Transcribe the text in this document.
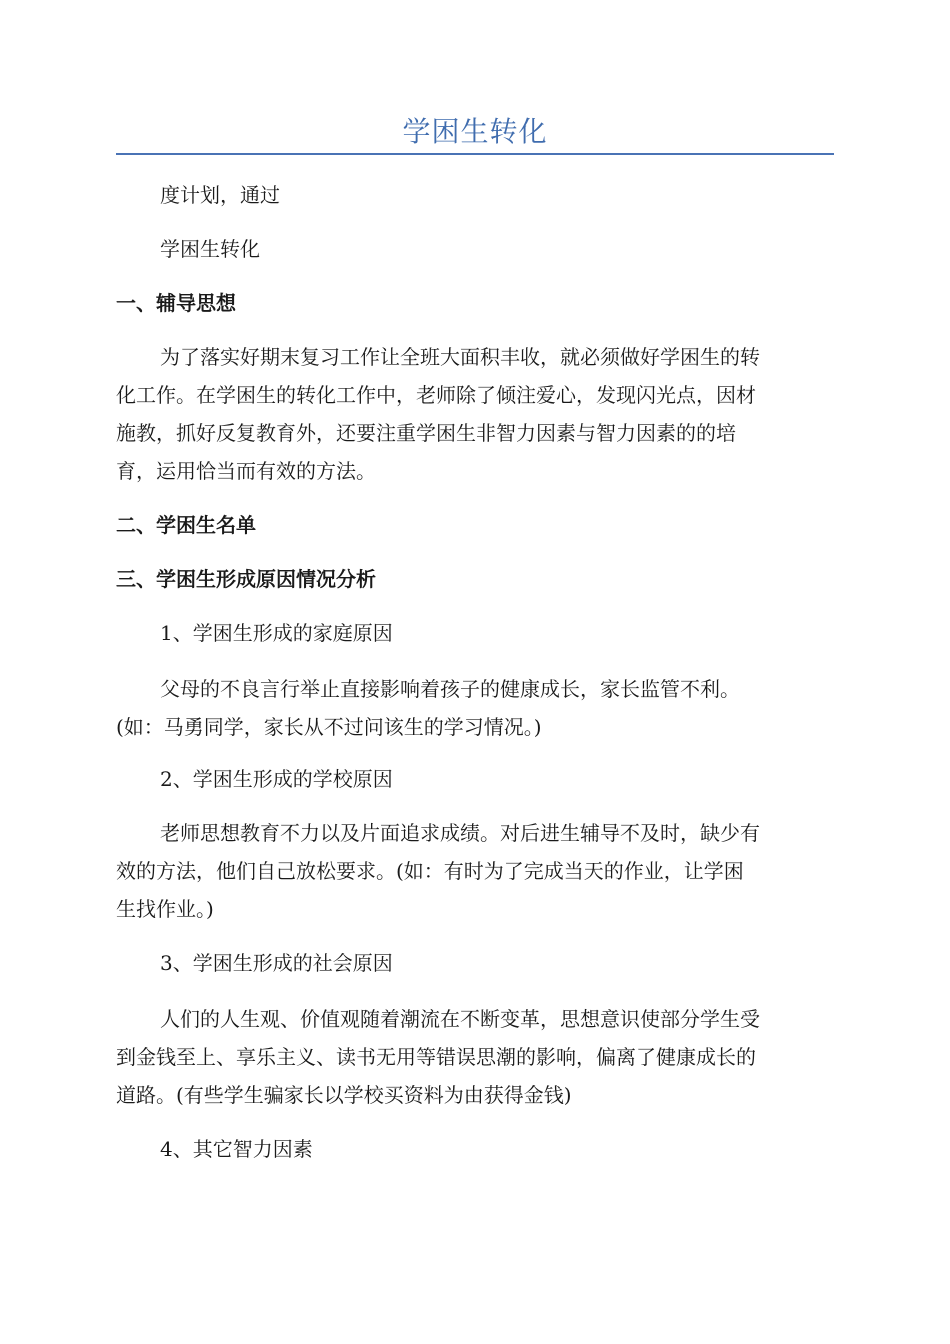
学困生转化

度计划，通过

学困生转化

一、辅导思想

为了落实好期末复习工作让全班大面积丰收，就必须做好学困生的转
化工作。在学困生的转化工作中，老师除了倾注爱心，发现闪光点，因材
施教，抓好反复教育外，还要注重学困生非智力因素与智力因素的的培
育，运用恰当而有效的方法。

二、学困生名单

三、学困生形成原因情况分析

1、学困生形成的家庭原因

父母的不良言行举止直接影响着孩子的健康成长，家长监管不利。
(如：马勇同学，家长从不过问该生的学习情况。)

2、学困生形成的学校原因

老师思想教育不力以及片面追求成绩。对后进生辅导不及时，缺少有
效的方法，他们自己放松要求。(如：有时为了完成当天的作业，让学困
生找作业。)

3、学困生形成的社会原因

人们的人生观、价值观随着潮流在不断变革，思想意识使部分学生受
到金钱至上、享乐主义、读书无用等错误思潮的影响，偏离了健康成长的
道路。(有些学生骗家长以学校买资料为由获得金钱)

4、其它智力因素
